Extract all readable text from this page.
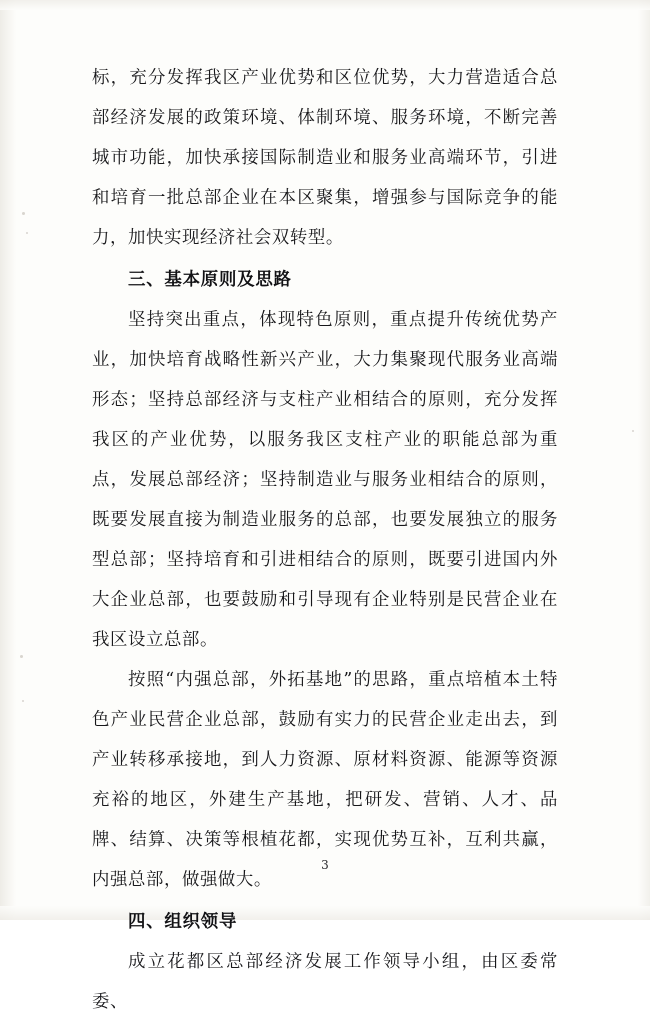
标，充分发挥我区产业优势和区位优势，大力营造适合总部经济发展的政策环境、体制环境、服务环境，不断完善城市功能，加快承接国际制造业和服务业高端环节，引进和培育一批总部企业在本区聚集，增强参与国际竞争的能力，加快实现经济社会双转型。

三、基本原则及思路

坚持突出重点，体现特色原则，重点提升传统优势产业，加快培育战略性新兴产业，大力集聚现代服务业高端形态；坚持总部经济与支柱产业相结合的原则，充分发挥我区的产业优势，以服务我区支柱产业的职能总部为重点，发展总部经济；坚持制造业与服务业相结合的原则，既要发展直接为制造业服务的总部，也要发展独立的服务型总部；坚持培育和引进相结合的原则，既要引进国内外大企业总部，也要鼓励和引导现有企业特别是民营企业在我区设立总部。

按照“内强总部，外拓基地”的思路，重点培植本土特色产业民营企业总部，鼓励有实力的民营企业走出去，到产业转移承接地，到人力资源、原材料资源、能源等资源充裕的地区，外建生产基地，把研发、营销、人才、品牌、结算、决策等根植花都，实现优势互补，互利共赢，内强总部，做强做大。

四、组织领导

成立花都区总部经济发展工作领导小组，由区委常委、

3
